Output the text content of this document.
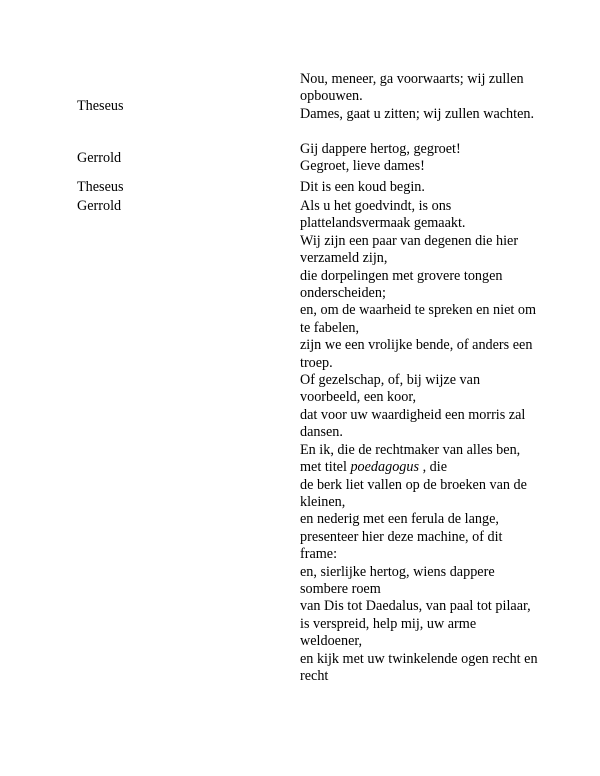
Theseus
Nou, meneer, ga voorwaarts; wij zullen opbouwen.
Dames, gaat u zitten; wij zullen wachten.
Gerrold
Gij dappere hertog, gegroet!
Gegroet, lieve dames!
Theseus	Dit is een koud begin.
Gerrold	Als u het goedvindt, is ons plattelandsvermaak gemaakt.
Wij zijn een paar van degenen die hier verzameld zijn,
die dorpelingen met grovere tongen onderscheiden;
en, om de waarheid te spreken en niet om te fabelen,
zijn we een vrolijke bende, of anders een troep.
Of gezelschap, of, bij wijze van voorbeeld, een koor,
dat voor uw waardigheid een morris zal dansen.
En ik, die de rechtmaker van alles ben,
met titel poedagogus , die
de berk liet vallen op de broeken van de kleinen,
en nederig met een ferula de lange,
presenteer hier deze machine, of dit frame:
en, sierlijke hertog, wiens dappere sombere roem
van Dis tot Daedalus, van paal tot pilaar,
is verspreid, help mij, uw arme weldoener,
en kijk met uw twinkelende ogen recht en recht
